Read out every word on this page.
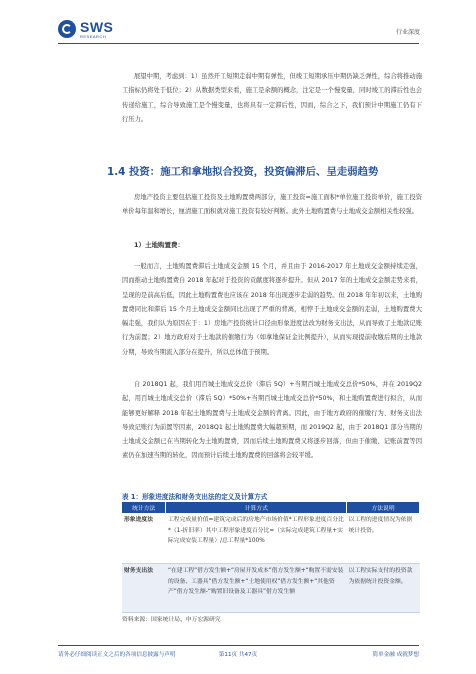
SWS
RESEARCH
行业深度

展望中期，考虑到：1）虽然开工短期走弱中期有弹性，但竣工短期承压中期仍缺乏弹性，综合将推动施工指标仍将处于低位；2）从数据类型来看，施工是余额的概念，注定是一个慢变量，同时竣工的滞后性也会传递给施工，综合导致施工是个慢变量，也将具有一定滞后性，因而，综合之下，我们预计中期施工仍有下行压力。

1.4 投资：施工和拿地拟合投资，投资偏滞后、呈走弱趋势

房地产投资主要包括施工投资及土地购置费两部分，施工投资=施工面积*单位施工投资单价，施工投资单价每年温和增长，厘清施工面积就对施工投资有较好判断。此外土地购置费与土地成交金额相关性较强。

1）土地购置费：

一般而言，土地购置费滞后土地成交金额 15 个月，并且由于 2016-2017 年土地成交金额持续走强，因而推动土地购置费自 2018 年起对于投资的贡献度将逐步提升。但从 2017 年的土地成交金额走势来看，呈现的是前高后低，因此土地购置费也应该在 2018 年出现逐步走弱的趋势。但 2018 年年初以来，土地购置费同比和滞后 15 个月土地成交金额同比出现了严重的背离，相悖于土地成交金额的走弱，土地购置费大幅走强，我们认为原因在于：1）房地产投资统计口径由形象进度法改为财务支出法，从而导致了土地款记账行为前置；2）地方政府对于土地款的催缴行为（如拿地保证金比例提升），从而实现提前收缴后期的土地款分期，导致当期流入部分在提升，所以总体值于预期。

自 2018Q1 起，我们用百城土地成交总价（滞后 5Q）+当期百城土地成交总价*50%，并在 2019Q2 起，用百城土地成交总价（滞后 5Q）*50%+当期百城土地成交总价*50%，和土地购置费进行拟合，从而能够更好解释 2018 年起土地购置费与土地成交金额的背离。因此，由于地方政府的催缴行为、财务支出法导致记账行为前置等因素，2018Q1 起土地购置费大幅超预期，而 2019Q2 起，由于 2018Q1 部分当期的土地成交金额已在当期转化为土地购置费，因而后续土地购置费又将逐步回落，但由于催缴、记账前置等因素仍在加速当期的转化，因而预计后续土地购置费的回落将会较平缓。

表 1：形象进度法和财务支出法的定义及计算方式
统计方法	计算方式	方法说明
形象进度法	工程完成量价值=建筑完成后的房地产市场价值*工程形象进度百分比*（1-折旧率）其中工程形象进度百分比=（实际完成建筑工程量+实际完成安装工程量）/总工程量*100%	以工程的进度情况为依据统计投资。
财务支出法	“在建工程”借方发生额+“房屋开发成本”借方发生额+“购置不需安装的设备、工器具”借方发生额+“土地使用权”借方发生额+“其他资产”借方发生额-“购置旧设备及工器具”借方发生额	以工程实际支付的投资款为依据统计投资金额。
资料来源：国家统计局、申万宏源研究
请务必仔细阅读正文之后的各项信息披露与声明	第11页 共47页	简单金融 成就梦想
